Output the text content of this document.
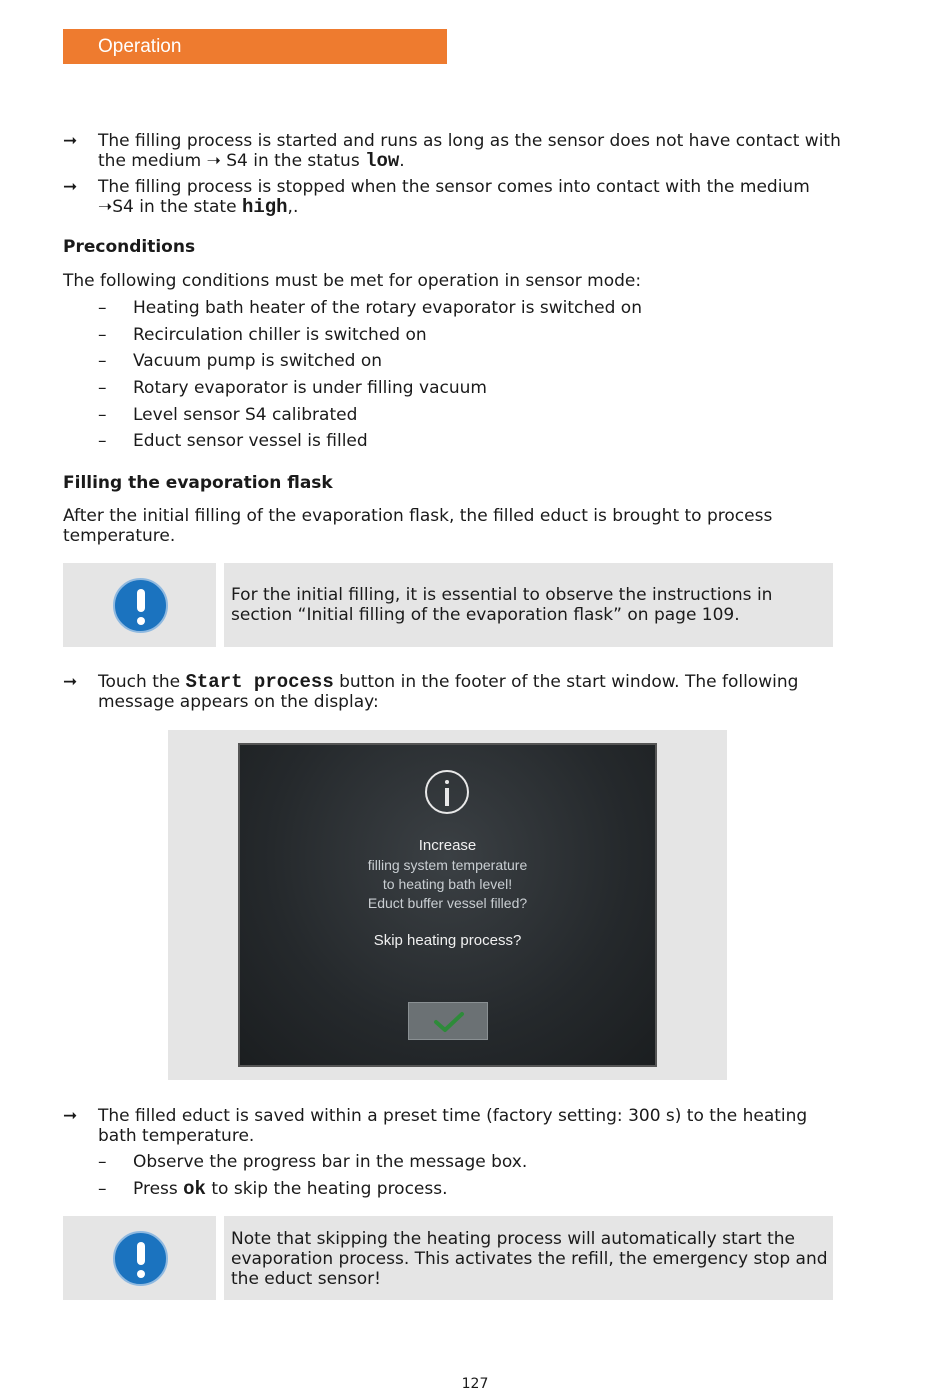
Operation
➞	The filling process is started and runs as long as the sensor does not have contact with the medium ➝ S4 in the status low.
➞	The filling process is stopped when the sensor comes into contact with the medium ➝S4 in the state high,.
Preconditions
The following conditions must be met for operation in sensor mode:
– Heating bath heater of the rotary evaporator is switched on
– Recirculation chiller is switched on
– Vacuum pump is switched on
– Rotary evaporator is under filling vacuum
– Level sensor S4 calibrated
– Educt sensor vessel is filled
Filling the evaporation flask
After the initial filling of the evaporation flask, the filled educt is brought to process temperature.
For the initial filling, it is essential to observe the instructions in section “Initial filling of the evaporation flask” on page 109.
➞	Touch the Start process button in the footer of the start window. The following message appears on the display:
Increase
filling system temperature
to heating bath level!
Educt buffer vessel filled?
Skip heating process?
➞	The filled educt is saved within a preset time (factory setting: 300 s) to the heating bath temperature.
– Observe the progress bar in the message box.
– Press ok to skip the heating process.
Note that skipping the heating process will automatically start the evaporation process. This activates the refill, the emergency stop and the educt sensor!
127
